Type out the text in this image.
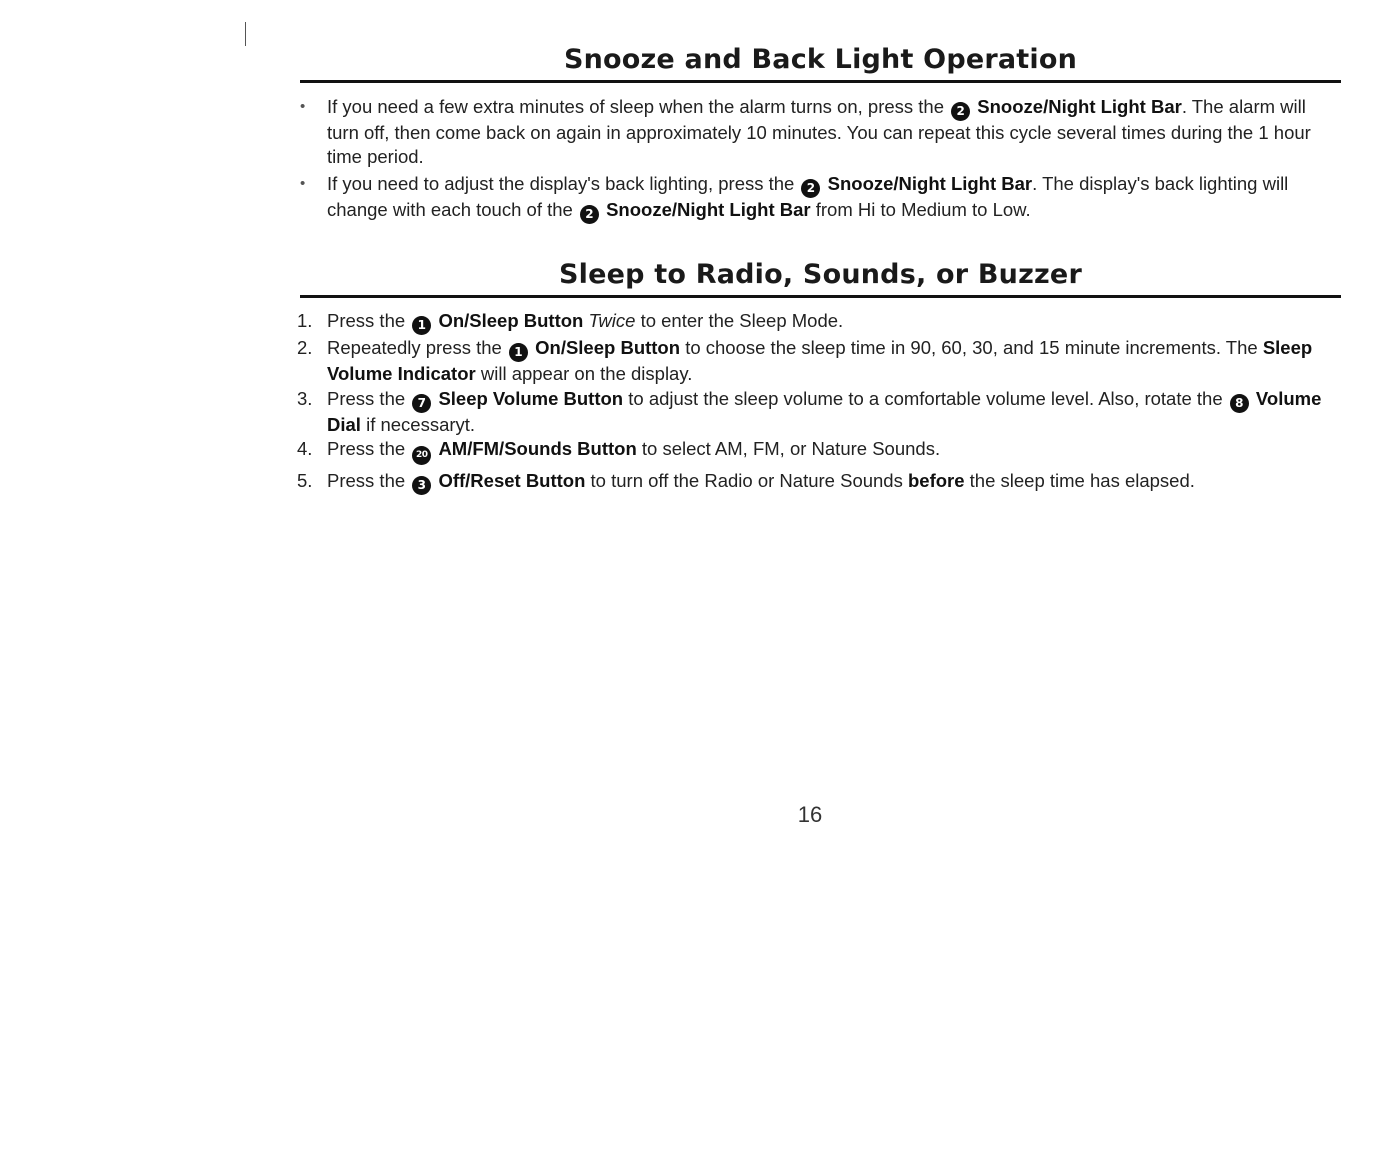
Snooze and Back Light Operation
• If you need a few extra minutes of sleep when the alarm turns on, press the 2 Snooze/Night Light Bar. The alarm will turn off, then come back on again in approximately 10 minutes. You can repeat this cycle several times during the 1 hour time period.
• If you need to adjust the display's back lighting, press the 2 Snooze/Night Light Bar. The display's back lighting will change with each touch of the 2 Snooze/Night Light Bar from Hi to Medium to Low.
Sleep to Radio, Sounds, or Buzzer
1. Press the 1 On/Sleep Button Twice to enter the Sleep Mode.
2. Repeatedly press the 1 On/Sleep Button to choose the sleep time in 90, 60, 30, and 15 minute increments. The Sleep Volume Indicator will appear on the display.
3. Press the 7 Sleep Volume Button to adjust the sleep volume to a comfortable volume level. Also, rotate the 8 Volume Dial if necessaryt.
4. Press the 20 AM/FM/Sounds Button to select AM, FM, or Nature Sounds.
5. Press the 3 Off/Reset Button to turn off the Radio or Nature Sounds before the sleep time has elapsed.
16
